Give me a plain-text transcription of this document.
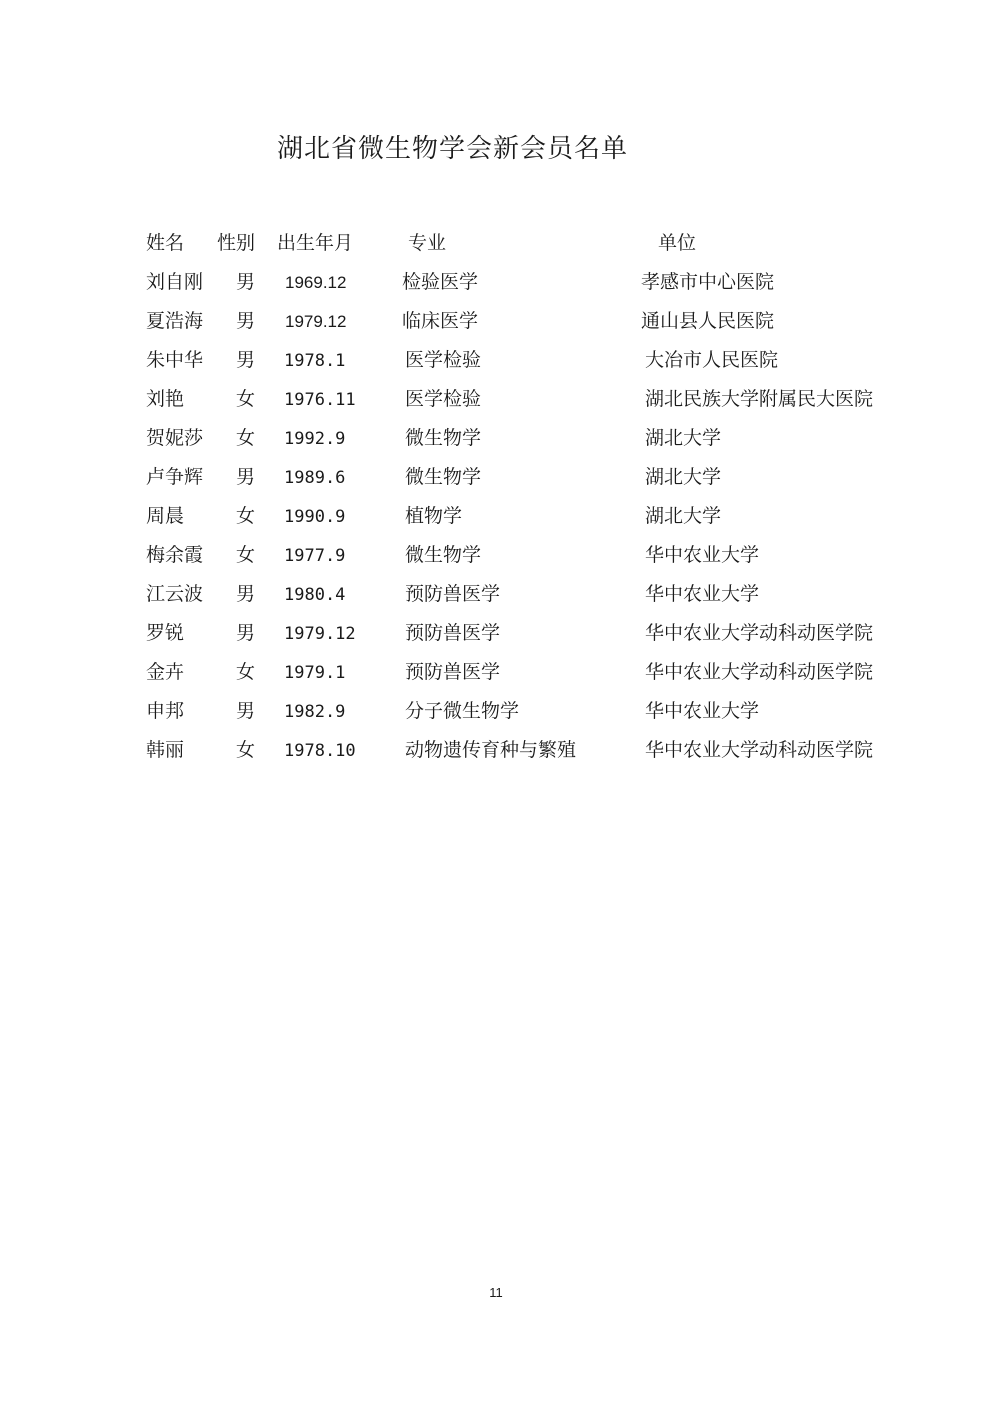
湖北省微生物学会新会员名单
姓名 性别 出生年月	专业	单位
刘自刚 男 1969.12	检验医学	孝感市中心医院
夏浩海 男 1979.12	临床医学	通山县人民医院
朱中华 男 1978.1	医学检验	大冶市人民医院
刘艳	女 1976.11	医学检验	湖北民族大学附属民大医院
贺妮莎 女 1992.9	微生物学	湖北大学
卢争辉 男 1989.6	微生物学	湖北大学
周晨	女 1990.9	植物学	湖北大学
梅余霞 女 1977.9	微生物学	华中农业大学
江云波 男 1980.4	预防兽医学	华中农业大学
罗锐	男 1979.12	预防兽医学	华中农业大学动科动医学院
金卉	女 1979.1	预防兽医学	华中农业大学动科动医学院
申邦	男 1982.9	分子微生物学	华中农业大学
韩丽	女 1978.10	动物遗传育种与繁殖	华中农业大学动科动医学院
11
